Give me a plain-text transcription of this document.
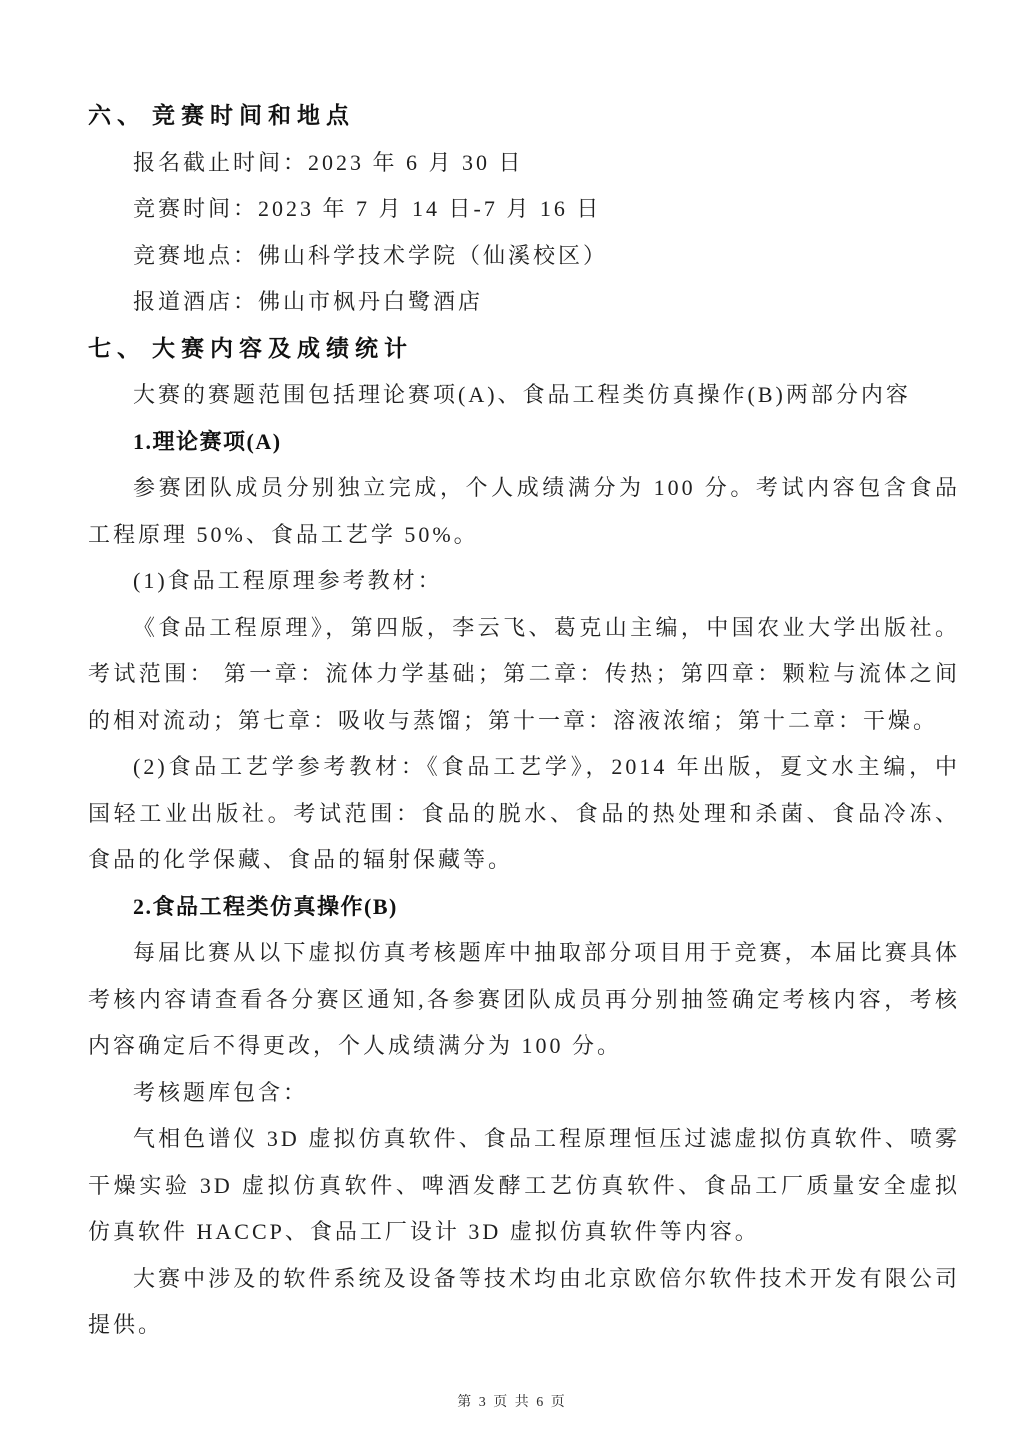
六、 竞赛时间和地点

报名截止时间：2023 年 6 月 30 日

竞赛时间：2023 年 7 月 14 日-7 月 16 日

竞赛地点：佛山科学技术学院（仙溪校区）

报道酒店：佛山市枫丹白鹭酒店

七、 大赛内容及成绩统计

大赛的赛题范围包括理论赛项(A)、食品工程类仿真操作(B)两部分内容

1.理论赛项(A)

参赛团队成员分别独立完成，个人成绩满分为 100 分。考试内容包含食品工程原理 50%、食品工艺学 50%。

(1)食品工程原理参考教材：

《食品工程原理》，第四版，李云飞、葛克山主编，中国农业大学出版社。考试范围： 第一章：流体力学基础；第二章：传热；第四章：颗粒与流体之间的相对流动；第七章：吸收与蒸馏；第十一章：溶液浓缩；第十二章：干燥。

(2)食品工艺学参考教材：《食品工艺学》，2014 年出版，夏文水主编，中国轻工业出版社。考试范围：食品的脱水、食品的热处理和杀菌、食品冷冻、食品的化学保藏、食品的辐射保藏等。

2.食品工程类仿真操作(B)

每届比赛从以下虚拟仿真考核题库中抽取部分项目用于竞赛，本届比赛具体考核内容请查看各分赛区通知,各参赛团队成员再分别抽签确定考核内容，考核内容确定后不得更改，个人成绩满分为 100 分。

考核题库包含：

气相色谱仪 3D 虚拟仿真软件、食品工程原理恒压过滤虚拟仿真软件、喷雾干燥实验 3D 虚拟仿真软件、啤酒发酵工艺仿真软件、食品工厂质量安全虚拟仿真软件 HACCP、食品工厂设计 3D 虚拟仿真软件等内容。

大赛中涉及的软件系统及设备等技术均由北京欧倍尔软件技术开发有限公司提供。

第 3 页 共 6 页
